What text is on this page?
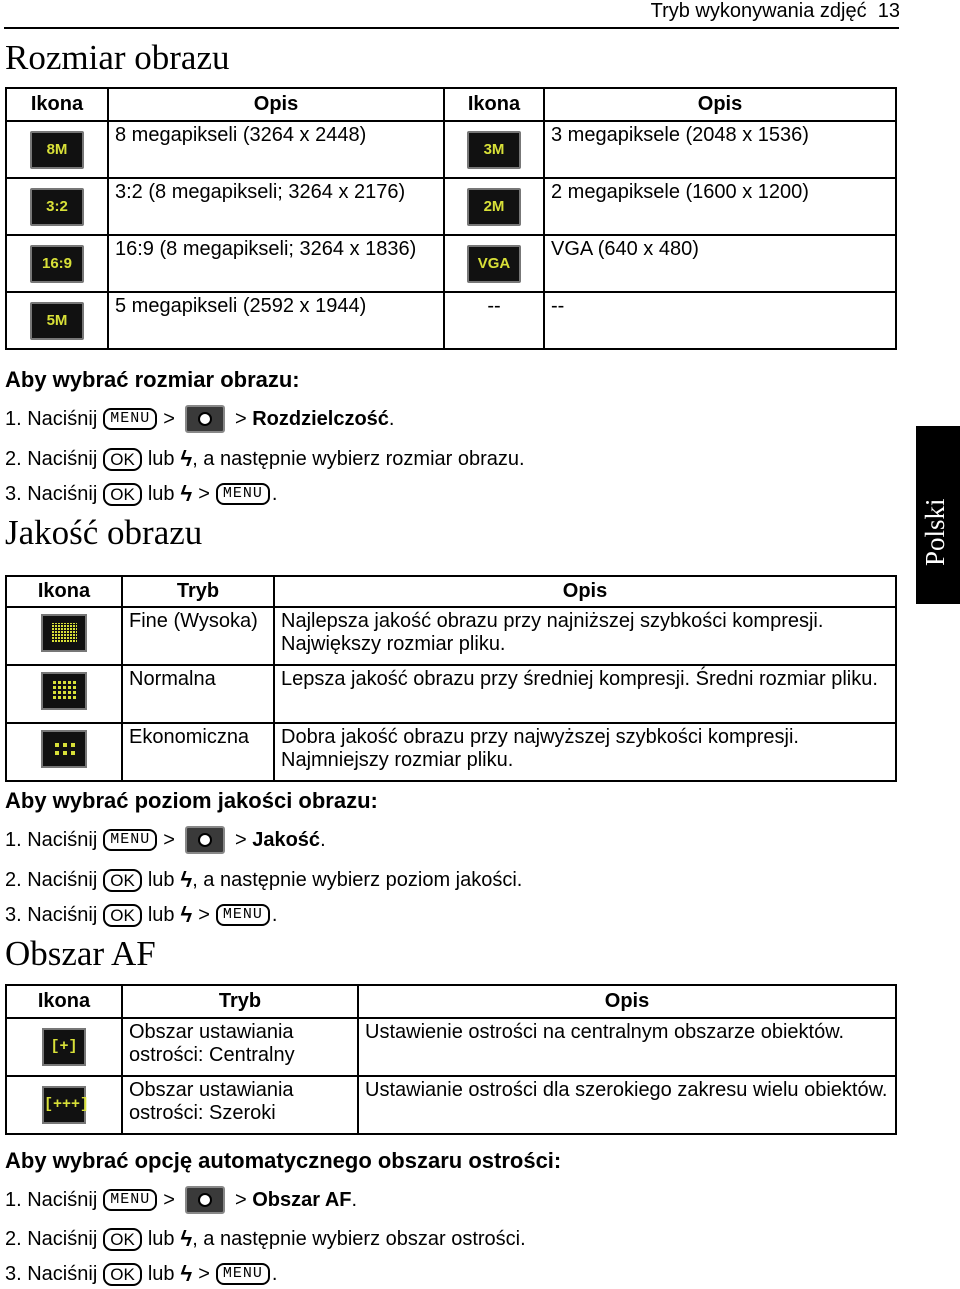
Tryb wykonywania zdjęć 13
Polski
Rozmiar obrazu
Ikona	Opis	Ikona	Opis
8M	8 megapikseli (3264 x 2448)	3M	3 megapiksele (2048 x 1536)
3:2	3:2 (8 megapikseli; 3264 x 2176)	2M	2 megapiksele (1600 x 1200)
16:9	16:9 (8 megapikseli; 3264 x 1836)	VGA	VGA (640 x 480)
5M	5 megapikseli (2592 x 1944)	--	--
Aby wybrać rozmiar obrazu:
1. Naciśnij MENU >	> Rozdzielczość.
2. Naciśnij OK lub ϟ , a następnie wybierz rozmiar obrazu.
3. Naciśnij OK lub ϟ > MENU .
Jakość obrazu
Ikona	Tryb	Opis

	Fine (Wysoka)	Najlepsza jakość obrazu przy najniższej szybkości kompresji. Największy rozmiar pliku.

	Normalna	Lepsza jakość obrazu przy średniej kompresji. Średni rozmiar pliku.

	Ekonomiczna	Dobra jakość obrazu przy najwyższej szybkości kompresji. Najmniejszy rozmiar pliku.
Aby wybrać poziom jakości obrazu:
1. Naciśnij MENU >	> Jakość.
2. Naciśnij OK lub ϟ , a następnie wybierz poziom jakości.
3. Naciśnij OK lub ϟ > MENU .
Obszar AF
Ikona	Tryb	Opis
[+]	Obszar ustawiania ostrości: Centralny	Ustawienie ostrości na centralnym obszarze obiektów.
[+++]	Obszar ustawiania ostrości: Szeroki	Ustawianie ostrości dla szerokiego zakresu wielu obiektów.
Aby wybrać opcję automatycznego obszaru ostrości:
1. Naciśnij MENU >	> Obszar AF.
2. Naciśnij OK lub ϟ , a następnie wybierz obszar ostrości.
3. Naciśnij OK lub ϟ > MENU .
